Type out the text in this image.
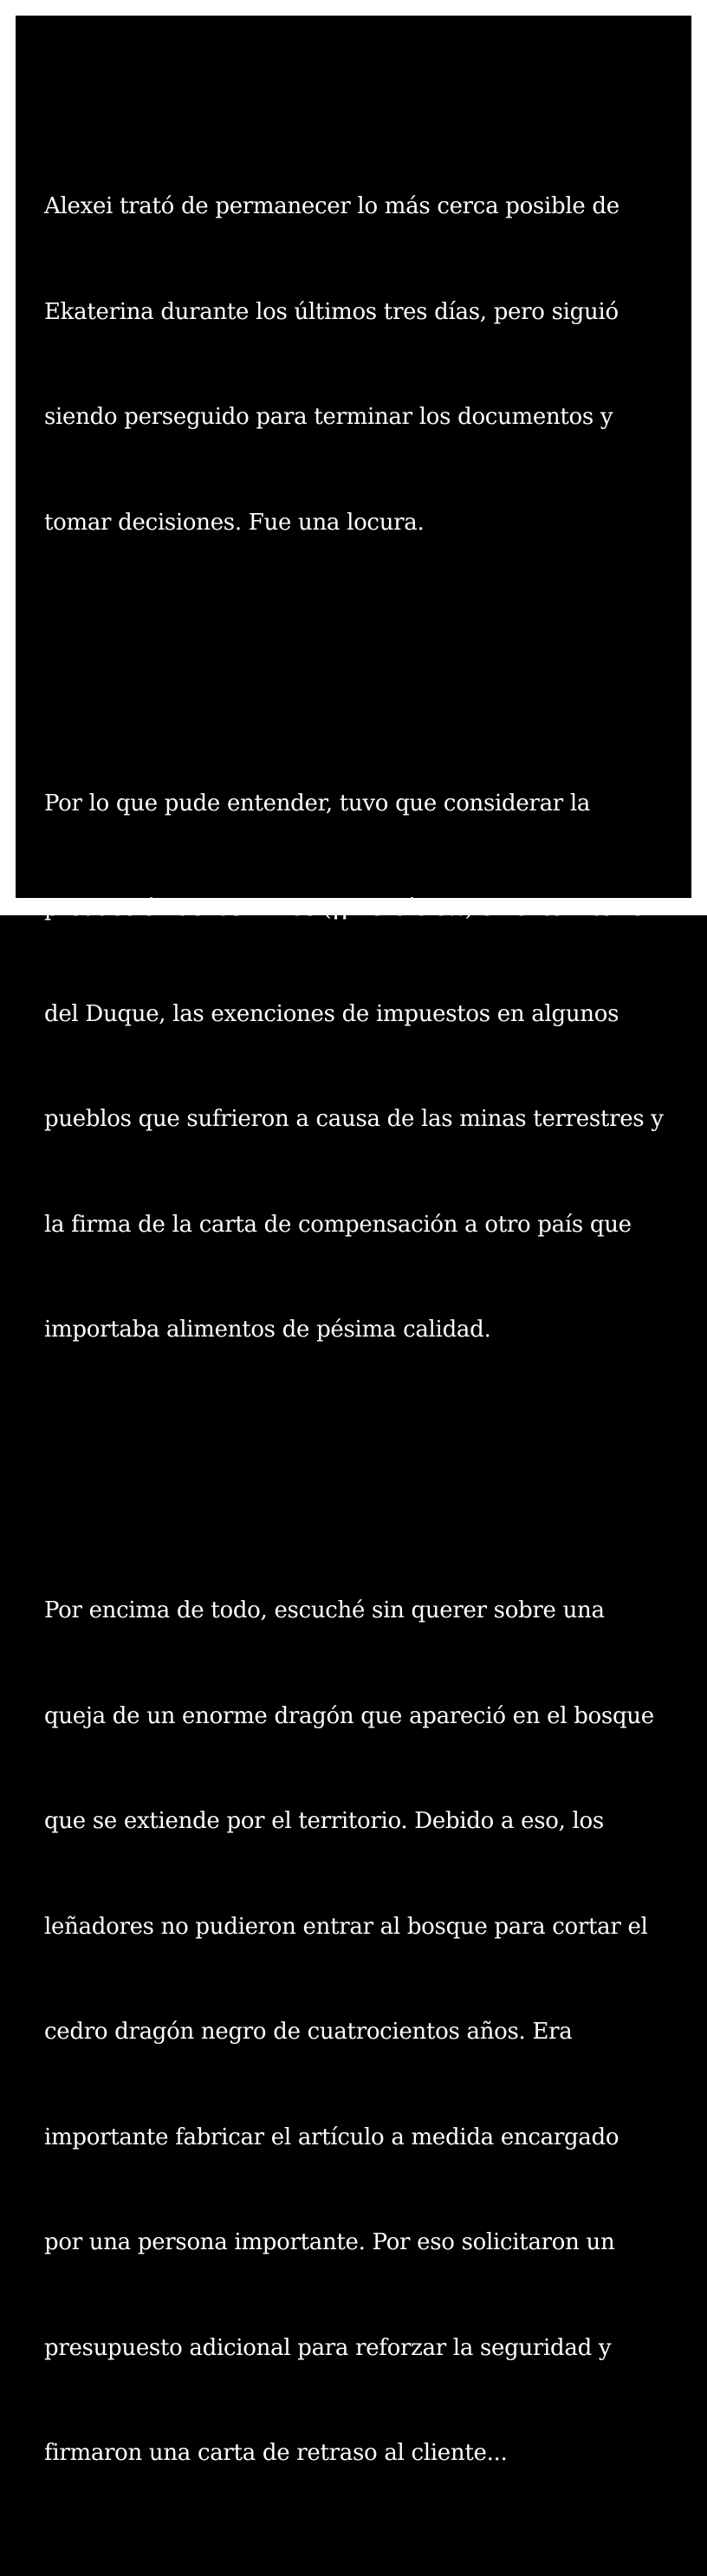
Alexei trató de permanecer lo más cerca posible de

Ekaterina durante los últimos tres días, pero siguió

siendo perseguido para terminar los documentos y

tomar decisiones. Fue una locura.

Por lo que pude entender, tuvo que considerar la

producción de las minas (¡¡increíble!!) en el territorio

del Duque, las exenciones de impuestos en algunos

pueblos que sufrieron a causa de las minas terrestres y

la firma de la carta de compensación a otro país que

importaba alimentos de pésima calidad.

Por encima de todo, escuché sin querer sobre una

queja de un enorme dragón que apareció en el bosque

que se extiende por el territorio. Debido a eso, los

leñadores no pudieron entrar al bosque para cortar el

cedro dragón negro de cuatrocientos años. Era

importante fabricar el artículo a medida encargado

por una persona importante. Por eso solicitaron un

presupuesto adicional para reforzar la seguridad y

firmaron una carta de retraso al cliente...
